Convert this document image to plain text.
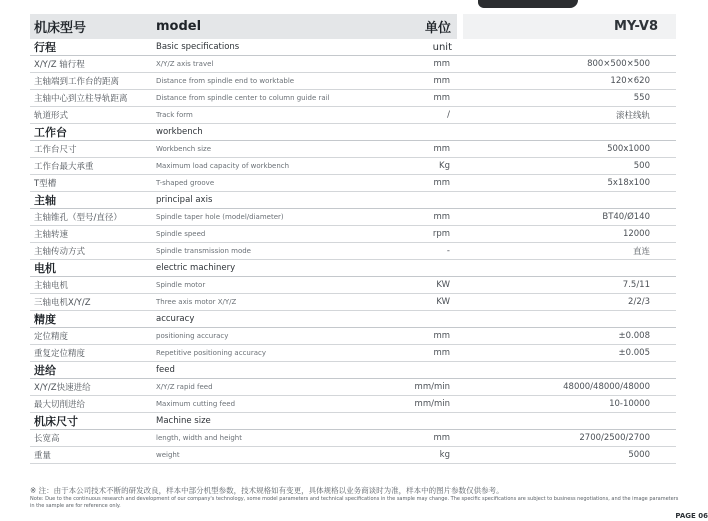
机床型号	model	单位	MY-V8
行程	Basic specifications	unit	
X/Y/Z 轴行程	X/Y/Z axis travel	mm	800×500×500
主轴端到工作台的距离	Distance from spindle end to worktable	mm	120×620
主轴中心到立柱导轨距离	Distance from spindle center to column guide rail	mm	550
轨道形式	Track form	/	滚柱线轨
工作台	workbench		
工作台尺寸	Workbench size	mm	500x1000
工作台最大承重	Maximum load capacity of workbench	Kg	500
T型槽	T-shaped groove	mm	5x18x100
主轴	principal axis		
主轴锥孔（型号/直径）	Spindle taper hole (model/diameter)	mm	BT40/Ø140
主轴转速	Spindle speed	rpm	12000
主轴传动方式	Spindle transmission mode	-	直连
电机	electric machinery		
主轴电机	Spindle motor	KW	7.5/11
三轴电机X/Y/Z	Three axis motor X/Y/Z	KW	2/2/3
精度	accuracy		
定位精度	positioning accuracy	mm	±0.008
重复定位精度	Repetitive positioning accuracy	mm	±0.005
进给	feed		
X/Y/Z快速进给	X/Y/Z rapid feed	mm/min	48000/48000/48000
最大切削进给	Maximum cutting feed	mm/min	10-10000
机床尺寸	Machine size		
长宽高	length, width and height	mm	2700/2500/2700
重量	weight	kg	5000
※ 注：由于本公司技术不断的研发改良，样本中部分机型参数，技术规格如有变更，具体规格以业务商谈时为准，样本中的图片参数仅供参考。
Note: Due to the continuous research and development of our company's technology, some model parameters and technical specifications in the sample may change. The specific specifications are subject to business negotiations, and the image parameters in the sample are for reference only.
PAGE 06
